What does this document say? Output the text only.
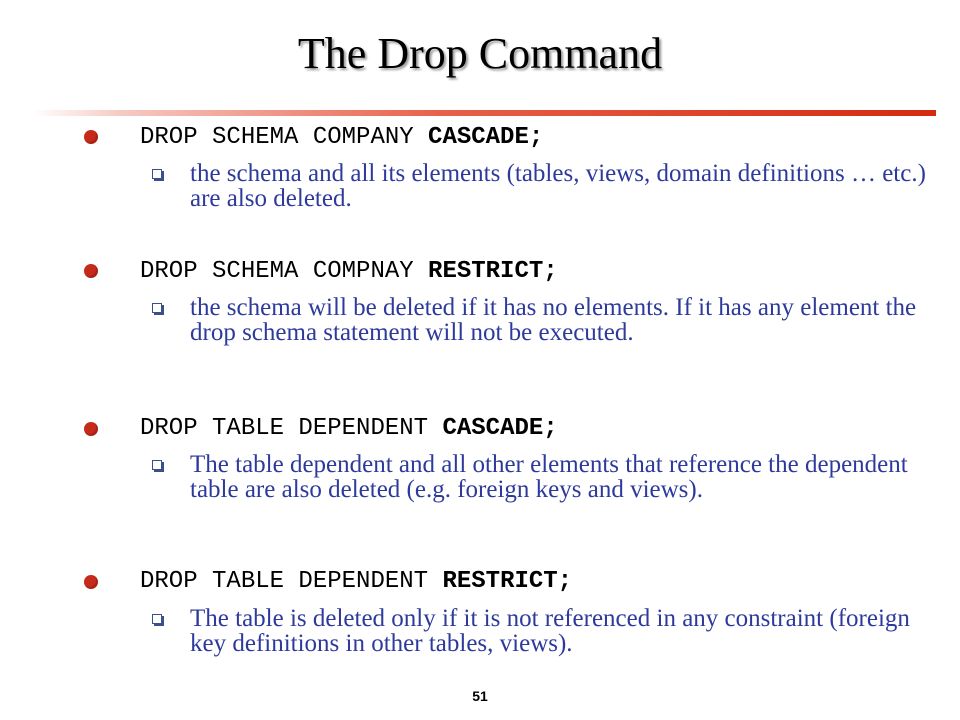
The Drop Command
DROP SCHEMA COMPANY CASCADE;
the schema and all its elements (tables, views, domain definitions … etc.) are also deleted.
DROP SCHEMA COMPNAY RESTRICT;
the schema will be deleted if it has no elements. If it has any element the drop schema statement will not be executed.
DROP TABLE DEPENDENT CASCADE;
The table dependent and all other elements that reference the dependent table are also deleted (e.g. foreign keys and views).
DROP TABLE DEPENDENT RESTRICT;
The table is deleted only if it is not referenced in any constraint (foreign key definitions in other tables, views).
51
